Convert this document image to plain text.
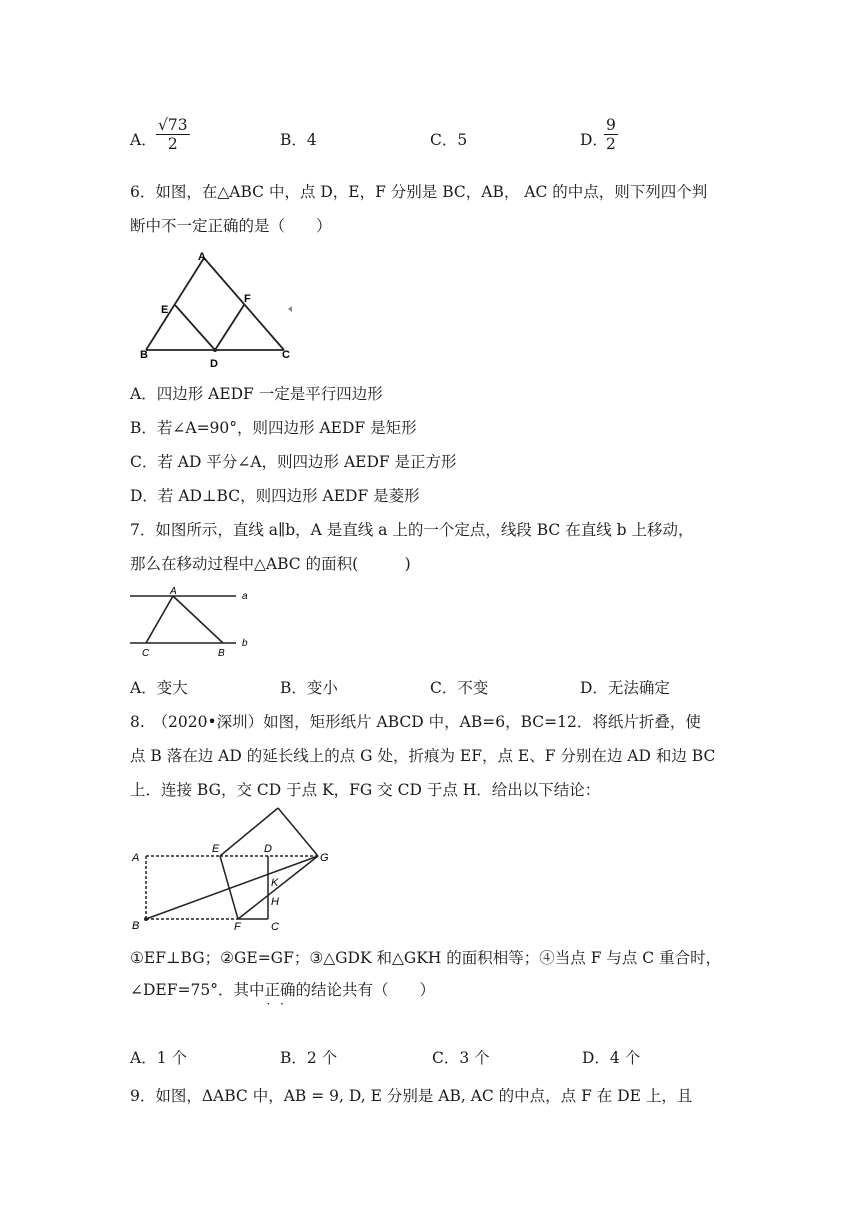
A．
√73
2	B．4	C．5	D．
9
2
6．如图，在△ABC 中，点 D，E，F 分别是 BC，AB， AC 的中点，则下列四个判
断中不一定正确的是（　　）
A
E
F
B
D
C
A．四边形 AEDF 一定是平行四边形
B．若∠A=90°，则四边形 AEDF 是矩形
C．若 AD 平分∠A，则四边形 AEDF 是正方形
D．若 AD⊥BC，则四边形 AEDF 是菱形
7．如图所示，直线 a∥b，A 是直线 a 上的一个定点，线段 BC 在直线 b 上移动，
那么在移动过程中△ABC 的面积(　　　)
A	a
b
C	B
A．变大	B．变小	C．不变	D．无法确定
8.　（2020•深圳）如图，矩形纸片 ABCD 中，AB=6，BC=12．将纸片折叠，使
点 B 落在边 AD 的延长线上的点 G 处，折痕为 EF，点 E、F 分别在边 AD 和边 BC
上．连接 BG，交 CD 于点 K，FG 交 CD 于点 H．给出以下结论：
A
E	D
G
K
H
B	F	C
①EF⊥BG；②GE=GF；③△GDK 和△GKH 的面积相等；④当点 F 与点 C 重合时，
∠DEF=75°．其中正确 · ·的结论共有（　　）
A．1 个	B．2 个	C．3 个	D．4 个
9．如图，ΔABC 中，AB = 9, D, E 分别是 AB, AC 的中点，点 F 在 DE 上，且
